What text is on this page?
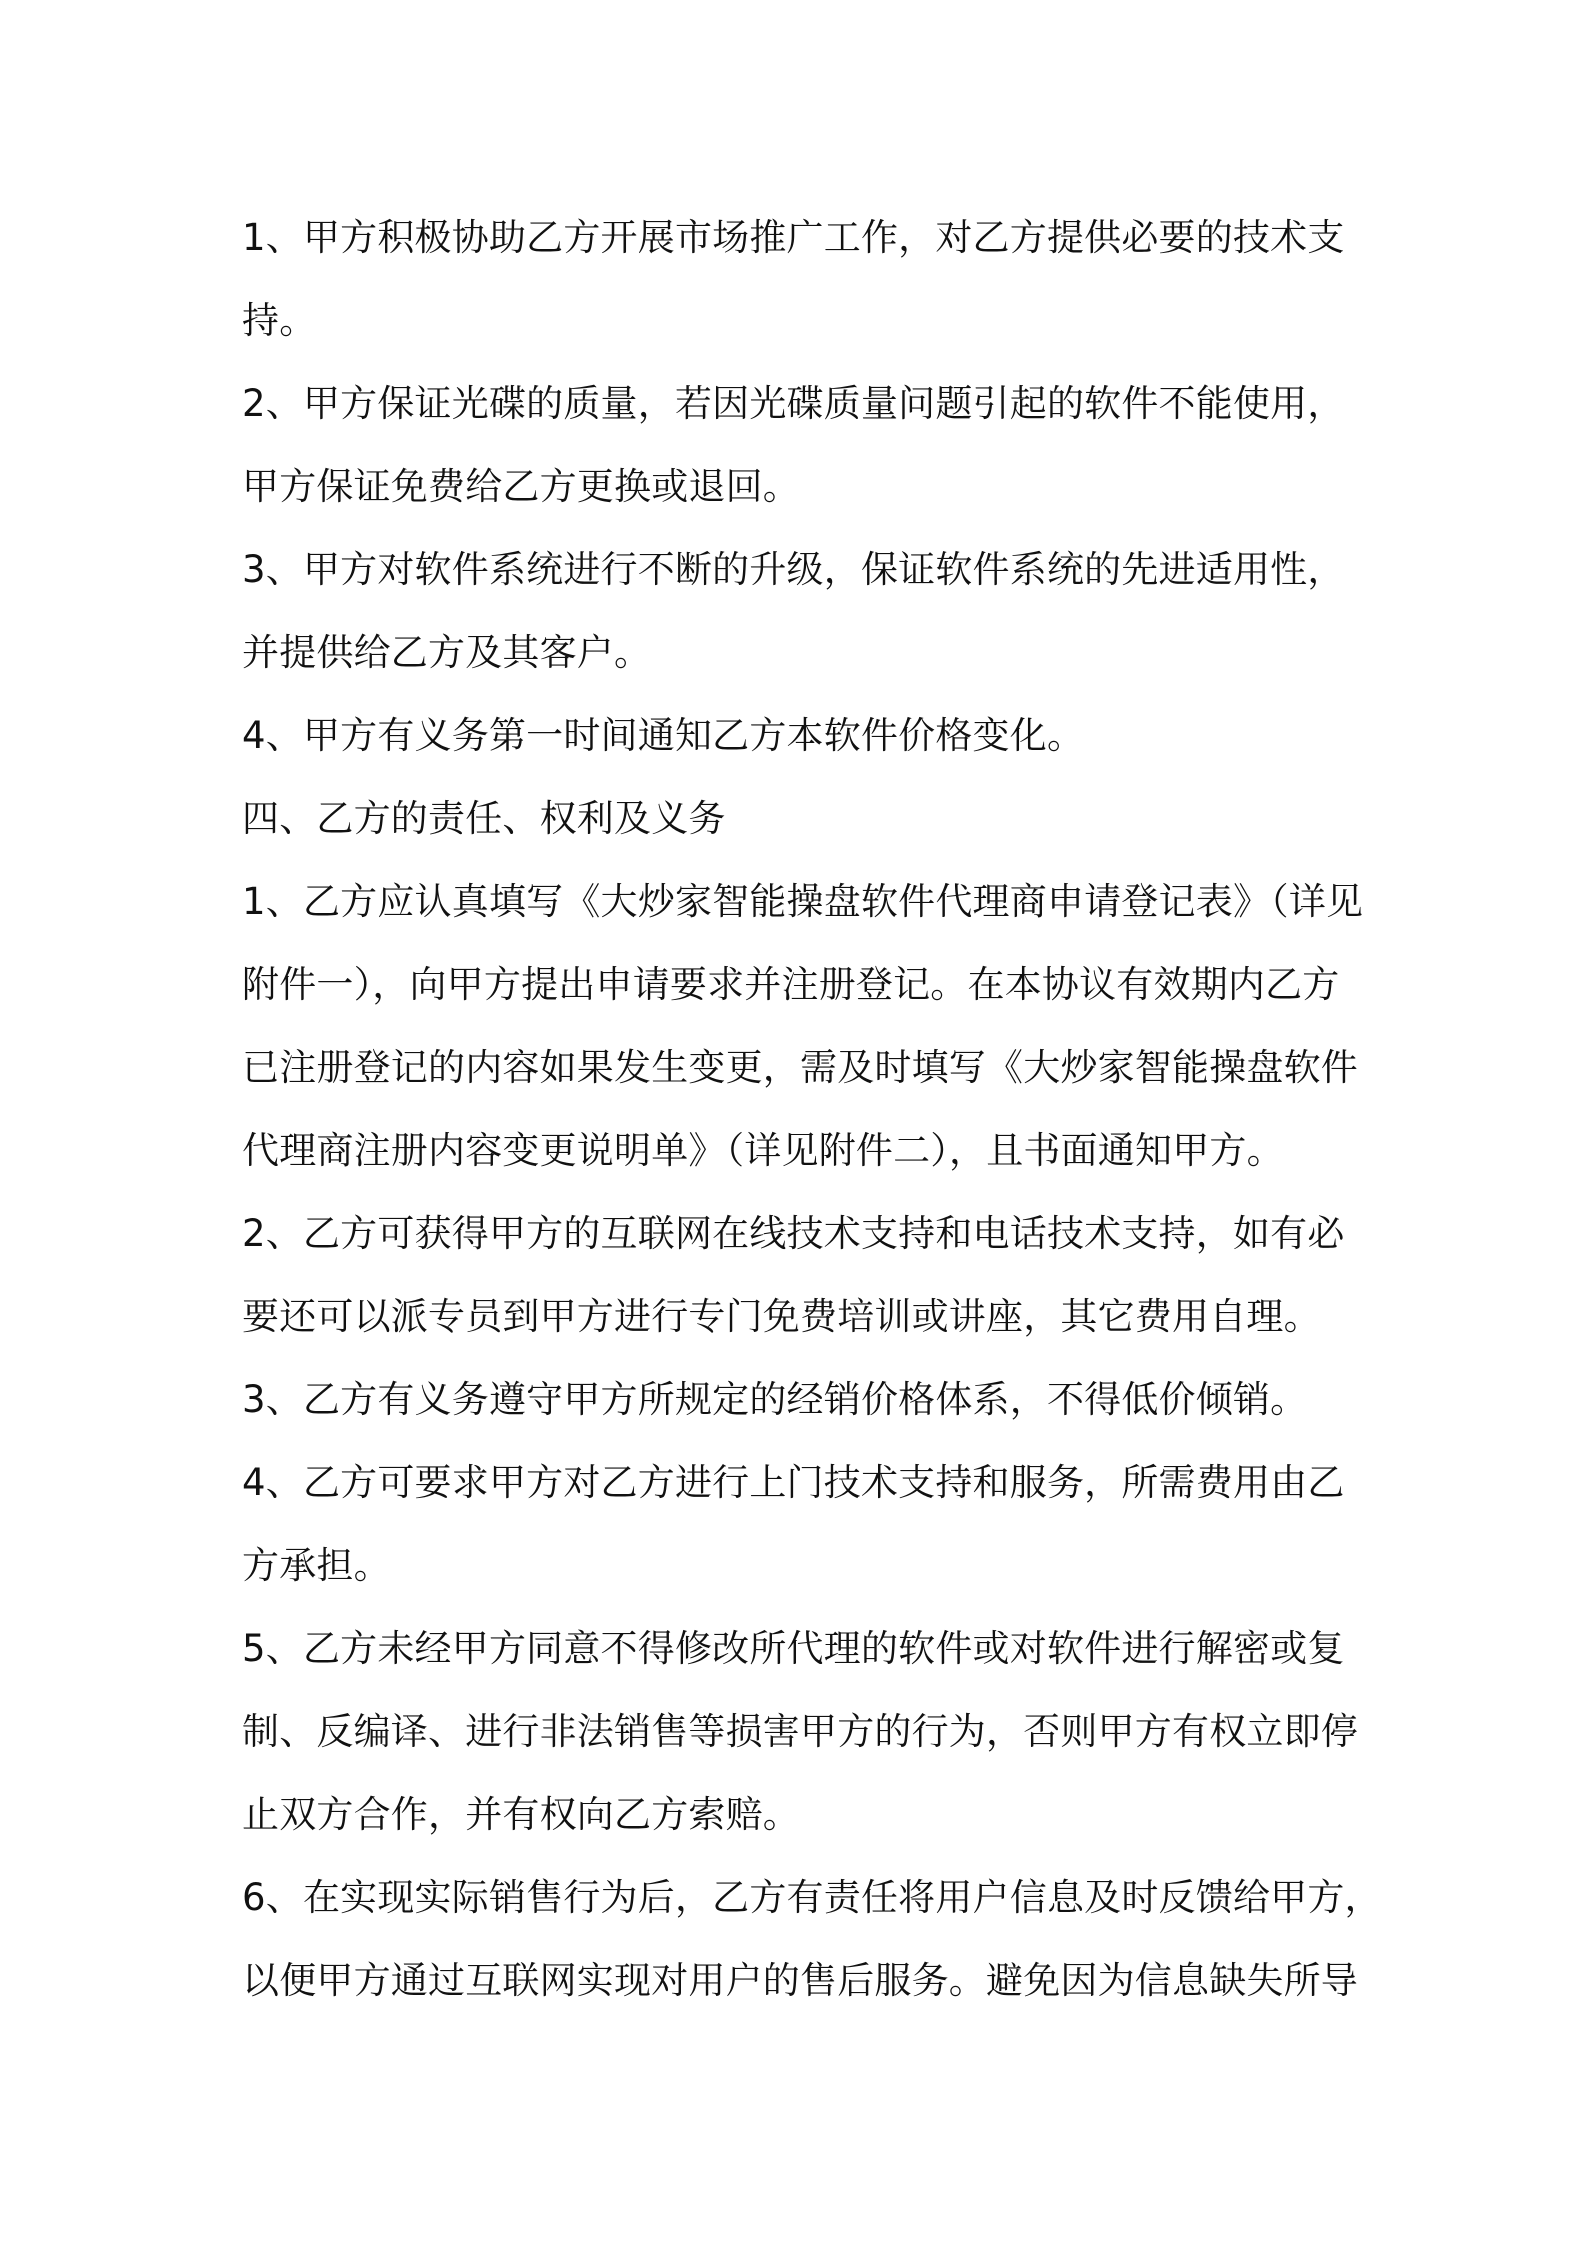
1、甲方积极协助乙方开展市场推广工作，对乙方提供必要的技术支
持。
2、甲方保证光碟的质量，若因光碟质量问题引起的软件不能使用，
甲方保证免费给乙方更换或退回。
3、甲方对软件系统进行不断的升级，保证软件系统的先进适用性，
并提供给乙方及其客户。
4、甲方有义务第一时间通知乙方本软件价格变化。
四、乙方的责任、权利及义务
1、乙方应认真填写《大炒家智能操盘软件代理商申请登记表》（详见
附件一），向甲方提出申请要求并注册登记。在本协议有效期内乙方
已注册登记的内容如果发生变更，需及时填写《大炒家智能操盘软件
代理商注册内容变更说明单》（详见附件二），且书面通知甲方。
2、乙方可获得甲方的互联网在线技术支持和电话技术支持，如有必
要还可以派专员到甲方进行专门免费培训或讲座，其它费用自理。
3、乙方有义务遵守甲方所规定的经销价格体系，不得低价倾销。
4、乙方可要求甲方对乙方进行上门技术支持和服务，所需费用由乙
方承担。
5、乙方未经甲方同意不得修改所代理的软件或对软件进行解密或复
制、反编译、进行非法销售等损害甲方的行为，否则甲方有权立即停
止双方合作，并有权向乙方索赔。
6、在实现实际销售行为后，乙方有责任将用户信息及时反馈给甲方，
以便甲方通过互联网实现对用户的售后服务。避免因为信息缺失所导
